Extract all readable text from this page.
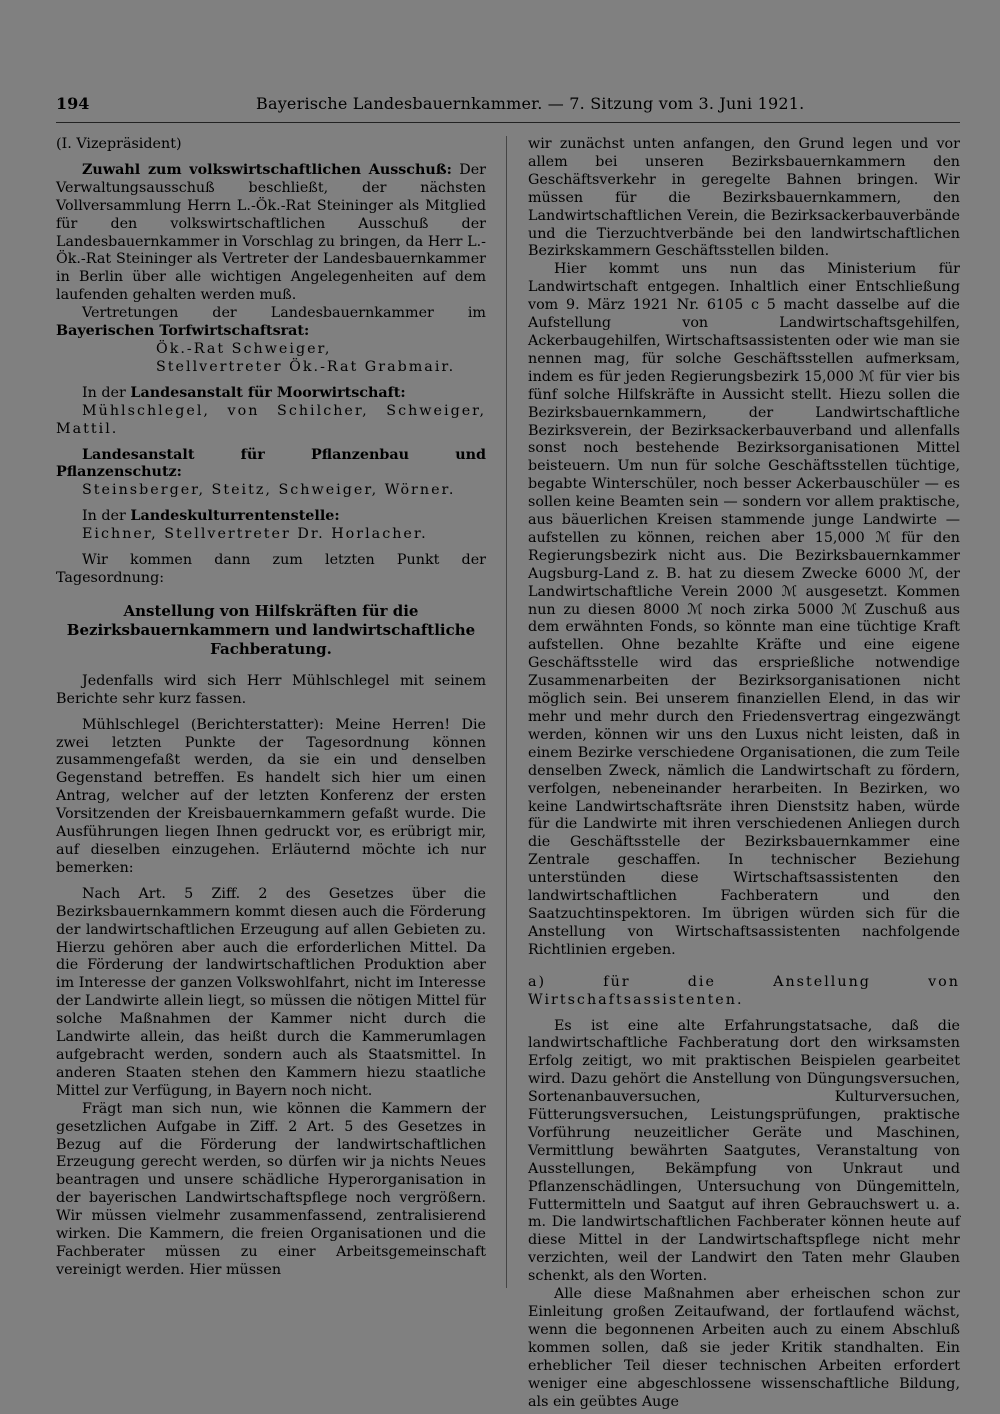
194	Bayerische Landesbauernkammer. — 7. Sitzung vom 3. Juni 1921.

(I. Vizepräsident)

Zuwahl zum volkswirtschaftlichen Ausschuß: Der Verwaltungsausschuß beschließt, der nächsten Vollversammlung Herrn L.-Ök.-Rat Steininger als Mitglied für den volkswirtschaftlichen Ausschuß der Landesbauernkammer in Vorschlag zu bringen, da Herr L.-Ök.-Rat Steininger als Vertreter der Landesbauernkammer in Berlin über alle wichtigen Angelegenheiten auf dem laufenden gehalten werden muß.

Vertretungen der Landesbauernkammer im Bayerischen Torfwirtschaftsrat:

Ök.-Rat Schweiger,

Stellvertreter Ök.-Rat Grabmair.

In der Landesanstalt für Moorwirtschaft:

Mühlschlegel, von Schilcher, Schweiger, Mattil.

Landesanstalt für Pflanzenbau und Pflanzenschutz:

Steinsberger, Steitz, Schweiger, Wörner.

In der Landeskulturrentenstelle:

Eichner, Stellvertreter Dr. Horlacher.

Wir kommen dann zum letzten Punkt der Tagesordnung:

Anstellung von Hilfskräften für die Bezirksbauernkammern und landwirtschaftliche Fachberatung.

Jedenfalls wird sich Herr Mühlschlegel mit seinem Berichte sehr kurz fassen.

Mühlschlegel (Berichterstatter): Meine Herren! Die zwei letzten Punkte der Tagesordnung können zusammengefaßt werden, da sie ein und denselben Gegenstand betreffen. Es handelt sich hier um einen Antrag, welcher auf der letzten Konferenz der ersten Vorsitzenden der Kreisbauernkammern gefaßt wurde. Die Ausführungen liegen Ihnen gedruckt vor, es erübrigt mir, auf dieselben einzugehen. Erläuternd möchte ich nur bemerken:

Nach Art. 5 Ziff. 2 des Gesetzes über die Bezirksbauernkammern kommt diesen auch die Förderung der landwirtschaftlichen Erzeugung auf allen Gebieten zu. Hierzu gehören aber auch die erforderlichen Mittel. Da die Förderung der landwirtschaftlichen Produktion aber im Interesse der ganzen Volkswohlfahrt, nicht im Interesse der Landwirte allein liegt, so müssen die nötigen Mittel für solche Maßnahmen der Kammer nicht durch die Landwirte allein, das heißt durch die Kammerumlagen aufgebracht werden, sondern auch als Staatsmittel. In anderen Staaten stehen den Kammern hiezu staatliche Mittel zur Verfügung, in Bayern noch nicht.

Frägt man sich nun, wie können die Kammern der gesetzlichen Aufgabe in Ziff. 2 Art. 5 des Gesetzes in Bezug auf die Förderung der landwirtschaftlichen Erzeugung gerecht werden, so dürfen wir ja nichts Neues beantragen und unsere schädliche Hyperorganisation in der bayerischen Landwirtschaftspflege noch vergrößern. Wir müssen vielmehr zusammenfassend, zentralisierend wirken. Die Kammern, die freien Organisationen und die Fachberater müssen zu einer Arbeitsgemeinschaft vereinigt werden. Hier müssen

wir zunächst unten anfangen, den Grund legen und vor allem bei unseren Bezirksbauernkammern den Geschäftsverkehr in geregelte Bahnen bringen. Wir müssen für die Bezirksbauernkammern, den Landwirtschaftlichen Verein, die Bezirksackerbauverbände und die Tierzuchtverbände bei den landwirtschaftlichen Bezirkskammern Geschäftsstellen bilden.

Hier kommt uns nun das Ministerium für Landwirtschaft entgegen. Inhaltlich einer Entschließung vom 9. März 1921 Nr. 6105 c 5 macht dasselbe auf die Aufstellung von Landwirtschaftsgehilfen, Ackerbaugehilfen, Wirtschaftsassistenten oder wie man sie nennen mag, für solche Geschäftsstellen aufmerksam, indem es für jeden Regierungsbezirk 15,000 ℳ für vier bis fünf solche Hilfskräfte in Aussicht stellt. Hiezu sollen die Bezirksbauernkammern, der Landwirtschaftliche Bezirksverein, der Bezirksackerbauverband und allenfalls sonst noch bestehende Bezirksorganisationen Mittel beisteuern. Um nun für solche Geschäftsstellen tüchtige, begabte Winterschüler, noch besser Ackerbauschüler — es sollen keine Beamten sein — sondern vor allem praktische, aus bäuerlichen Kreisen stammende junge Landwirte — aufstellen zu können, reichen aber 15,000 ℳ für den Regierungsbezirk nicht aus. Die Bezirksbauernkammer Augsburg-Land z. B. hat zu diesem Zwecke 6000 ℳ, der Landwirtschaftliche Verein 2000 ℳ ausgesetzt. Kommen nun zu diesen 8000 ℳ noch zirka 5000 ℳ Zuschuß aus dem erwähnten Fonds, so könnte man eine tüchtige Kraft aufstellen. Ohne bezahlte Kräfte und eine eigene Geschäftsstelle wird das ersprießliche notwendige Zusammenarbeiten der Bezirksorganisationen nicht möglich sein. Bei unserem finanziellen Elend, in das wir mehr und mehr durch den Friedensvertrag eingezwängt werden, können wir uns den Luxus nicht leisten, daß in einem Bezirke verschiedene Organisationen, die zum Teile denselben Zweck, nämlich die Landwirtschaft zu fördern, verfolgen, nebeneinander herarbeiten. In Bezirken, wo keine Landwirtschaftsräte ihren Dienstsitz haben, würde für die Landwirte mit ihren verschiedenen Anliegen durch die Geschäftsstelle der Bezirksbauernkammer eine Zentrale geschaffen. In technischer Beziehung unterstünden diese Wirtschaftsassistenten den landwirtschaftlichen Fachberatern und den Saatzuchtinspektoren. Im übrigen würden sich für die Anstellung von Wirtschaftsassistenten nachfolgende Richtlinien ergeben.

a) für die Anstellung von Wirtschaftsassistenten.

Es ist eine alte Erfahrungstatsache, daß die landwirtschaftliche Fachberatung dort den wirksamsten Erfolg zeitigt, wo mit praktischen Beispielen gearbeitet wird. Dazu gehört die Anstellung von Düngungsversuchen, Sortenanbauversuchen, Kulturversuchen, Fütterungsversuchen, Leistungsprüfungen, praktische Vorführung neuzeitlicher Geräte und Maschinen, Vermittlung bewährten Saatgutes, Veranstaltung von Ausstellungen, Bekämpfung von Unkraut und Pflanzenschädlingen, Untersuchung von Düngemitteln, Futtermitteln und Saatgut auf ihren Gebrauchswert u. a. m. Die landwirtschaftlichen Fachberater können heute auf diese Mittel in der Landwirtschaftspflege nicht mehr verzichten, weil der Landwirt den Taten mehr Glauben schenkt, als den Worten.

Alle diese Maßnahmen aber erheischen schon zur Einleitung großen Zeitaufwand, der fortlaufend wächst, wenn die begonnenen Arbeiten auch zu einem Abschluß kommen sollen, daß sie jeder Kritik standhalten. Ein erheblicher Teil dieser technischen Arbeiten erfordert weniger eine abgeschlossene wissenschaftliche Bildung, als ein geübtes Auge
